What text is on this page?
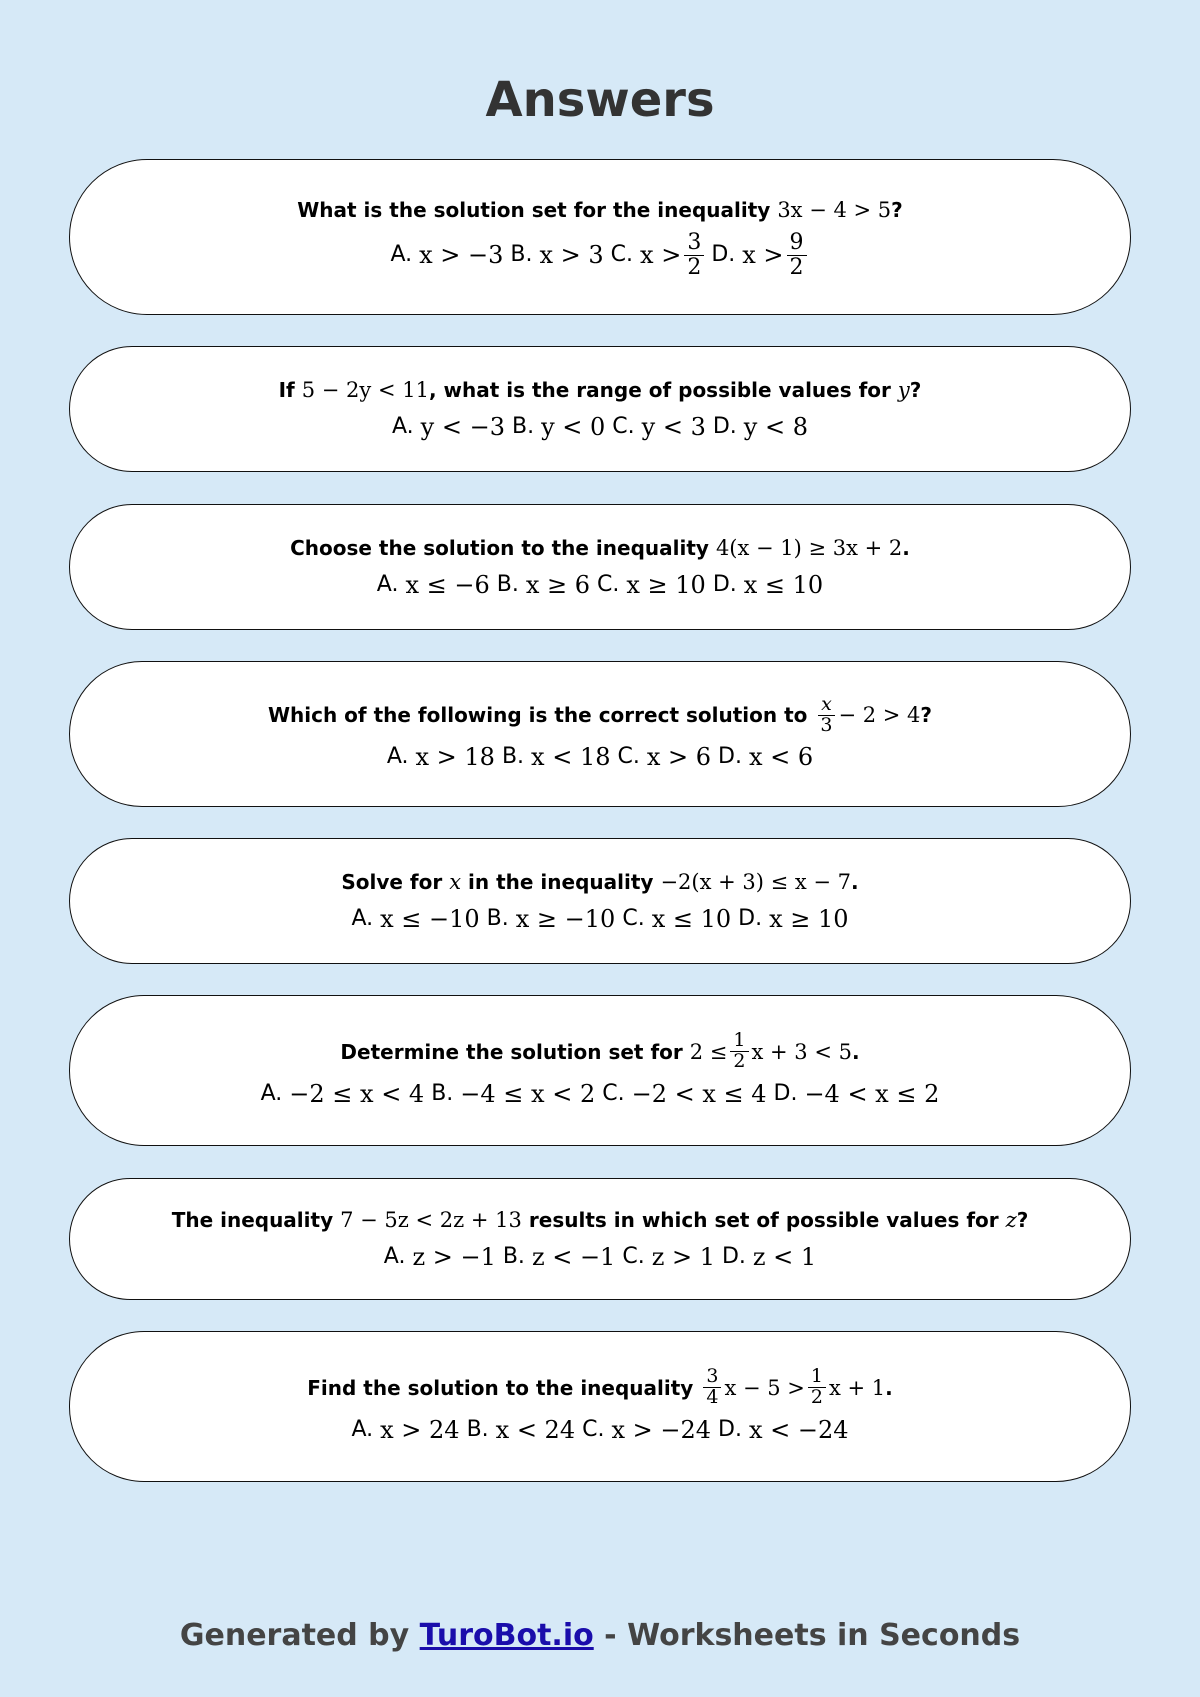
Answers
What is the solution set for the inequality 3x − 4 > 5 ?
A. x > −3 B. x > 3 C. $x > \frac{3}{2} D$. $x > \frac{9}{2}$
If 5 − 2y < 11 , what is the range of possible values for y ?
A. y < −3 B. y < 0 C. y < 3 D. y < 8
Choose the solution to the inequality 4(x − 1) ≥ 3x + 2 .
A. x ≤ −6 B. x ≥ 6 C. x ≥ 10 D. x ≤ 10
Which of the following is the correct solution to $\frac{x}{3} - 2 > 4$ ?
A. x > 18 B. x < 18 C. x > 6 D. x < 6
Solve for x in the inequality −2(x + 3) ≤ x − 7 .
A. x ≤ −10 B. x ≥ −10 C. x ≤ 10 D. x ≥ 10
Determine the solution set for $2 \le \frac{1}{2}$ x + 3 < 5 .
A. −2 ≤ x < 4 B. −4 ≤ x < 2 C. −2 < x ≤ 4 D. −4 < x ≤ 2
The inequality 7 − 5z < 2z + 13 results in which set of possible values for z ?
A. z > −1 B. z < −1 C. z > 1 D. z < 1
Find the solution to the inequality $\frac{3}{4}$ $x - 5 > \frac{1}{2}$ x + 1 .
A. x > 24 B. x < 24 C. x > −24 D. x < −24
Generated by TuroBot.io - Worksheets in Seconds
